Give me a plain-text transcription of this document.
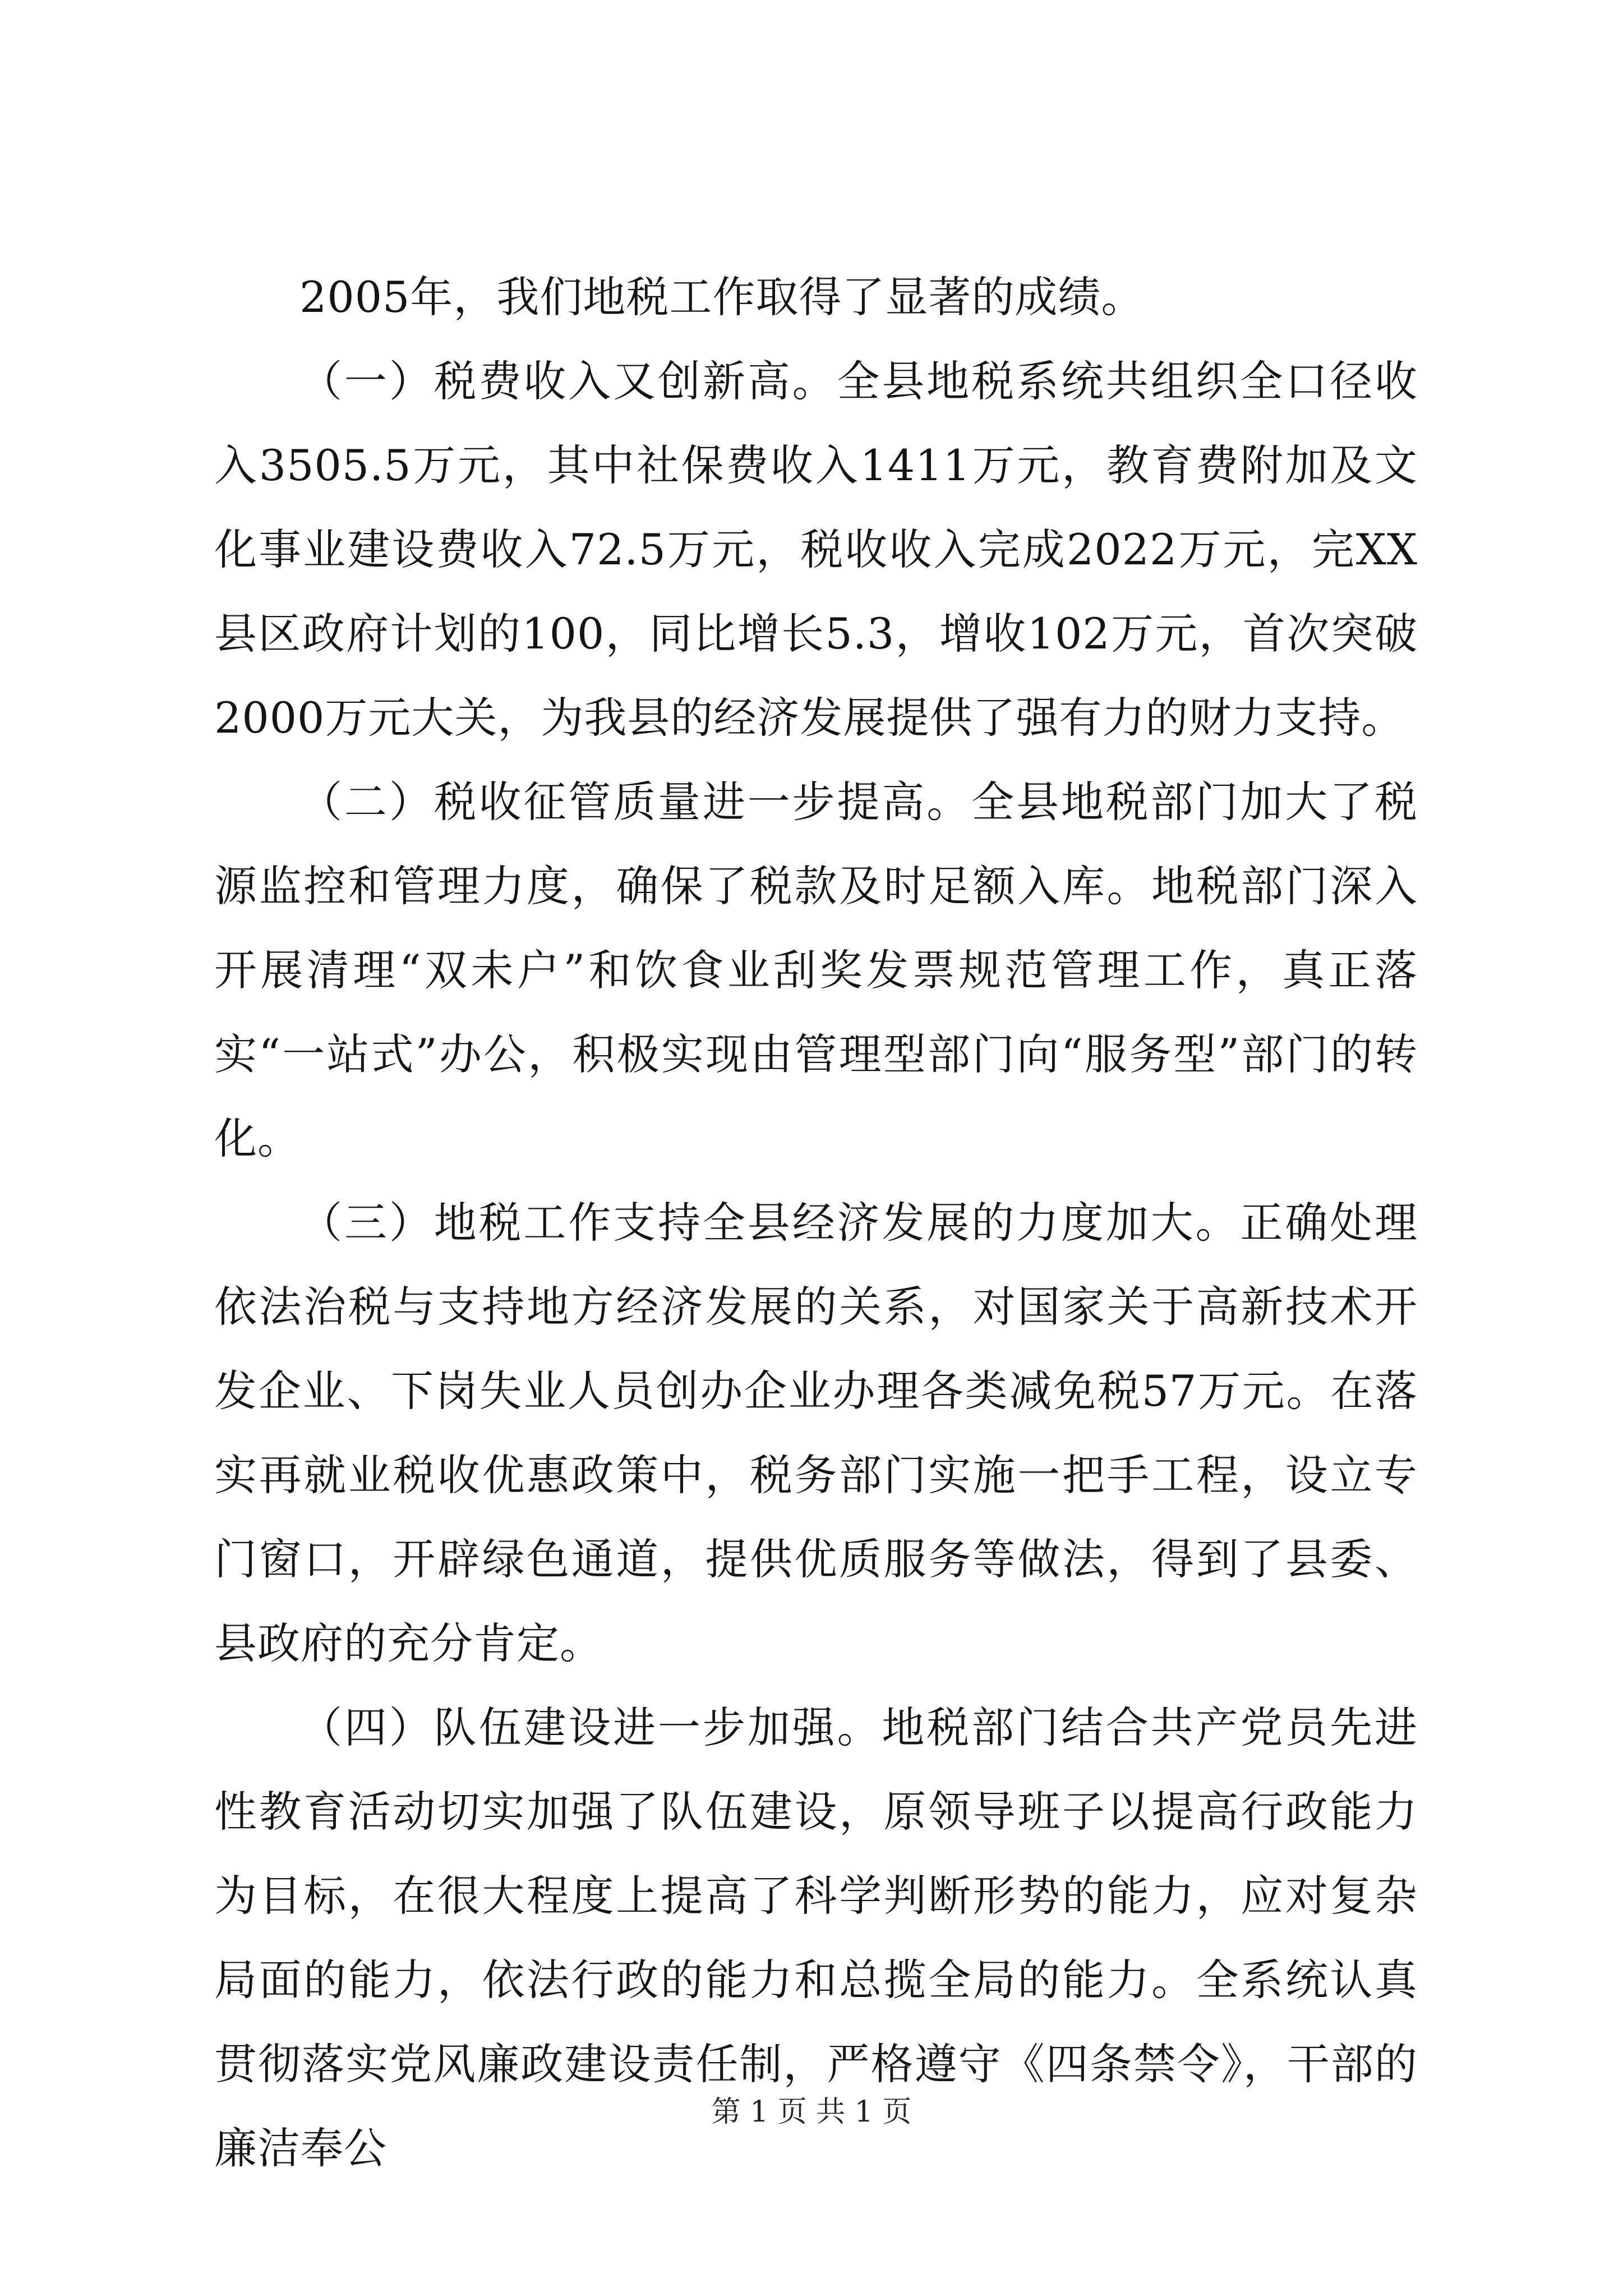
2005年，我们地税工作取得了显著的成绩。

（一）税费收入又创新高。全县地税系统共组织全口径收入3505.5万元，其中社保费收入1411万元，教育费附加及文化事业建设费收入72.5万元，税收收入完成2022万元，完XX县区政府计划的100，同比增长5.3，增收102万元，首次突破2000万元大关，为我县的经济发展提供了强有力的财力支持。

（二）税收征管质量进一步提高。全县地税部门加大了税源监控和管理力度，确保了税款及时足额入库。地税部门深入开展清理“双未户”和饮食业刮奖发票规范管理工作，真正落实“一站式”办公，积极实现由管理型部门向“服务型”部门的转化。

（三）地税工作支持全县经济发展的力度加大。正确处理依法治税与支持地方经济发展的关系，对国家关于高新技术开发企业、下岗失业人员创办企业办理各类减免税57万元。在落实再就业税收优惠政策中，税务部门实施一把手工程，设立专门窗口，开辟绿色通道，提供优质服务等做法，得到了县委、县政府的充分肯定。

（四）队伍建设进一步加强。地税部门结合共产党员先进性教育活动切实加强了队伍建设，原领导班子以提高行政能力为目标，在很大程度上提高了科学判断形势的能力，应对复杂局面的能力，依法行政的能力和总揽全局的能力。全系统认真贯彻落实党风廉政建设责任制，严格遵守《四条禁令》，干部的廉洁奉公

第 1 页 共 1 页
